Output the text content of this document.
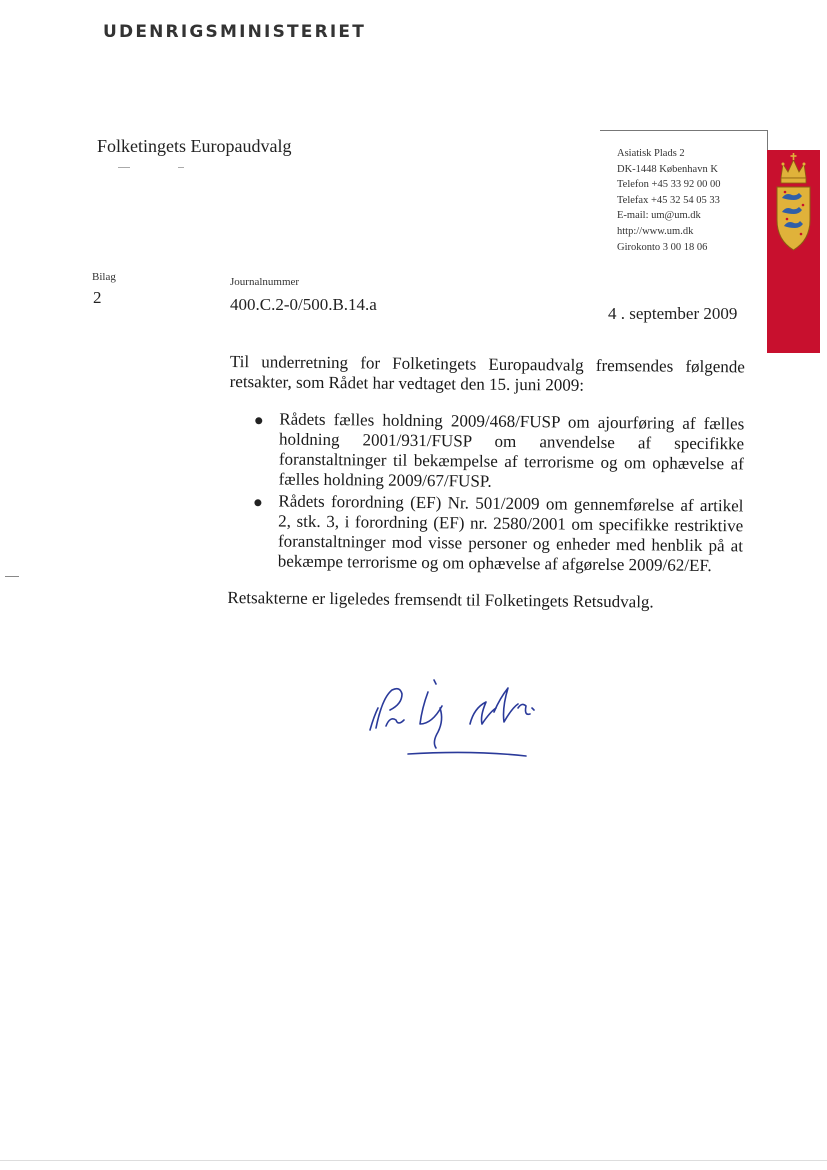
UDENRIGSMINISTERIET
Folketingets Europaudvalg	Asiatisk Plads 2
DK-1448 København K
Telefon +45 33 92 00 00
Telefax +45 32 54 05 33
E-mail: um@um.dk
http://www.um.dk
Girokonto 3 00 18 06
Bilag
2
Journalnummer
400.C.2-0/500.B.14.a	4 . september 2009

Til underretning for Folketingets Europaudvalg fremsendes følgende retsakter, som Rådet har vedtaget den 15. juni 2009:

Rådets fælles holdning 2009/468/FUSP om ajourføring af fælles holdning 2001/931/FUSP om anvendelse af specifikke foranstaltninger til bekæmpelse af terrorisme og om ophævelse af fælles holdning 2009/67/FUSP.
Rådets forordning (EF) Nr. 501/2009 om gennemførelse af artikel 2, stk. 3, i forordning (EF) nr. 2580/2001 om specifikke restriktive foranstaltninger mod visse personer og enheder med henblik på at bekæmpe terrorisme og om ophævelse af afgørelse 2009/62/EF.

Retsakterne er ligeledes fremsendt til Folketingets Retsudvalg.
